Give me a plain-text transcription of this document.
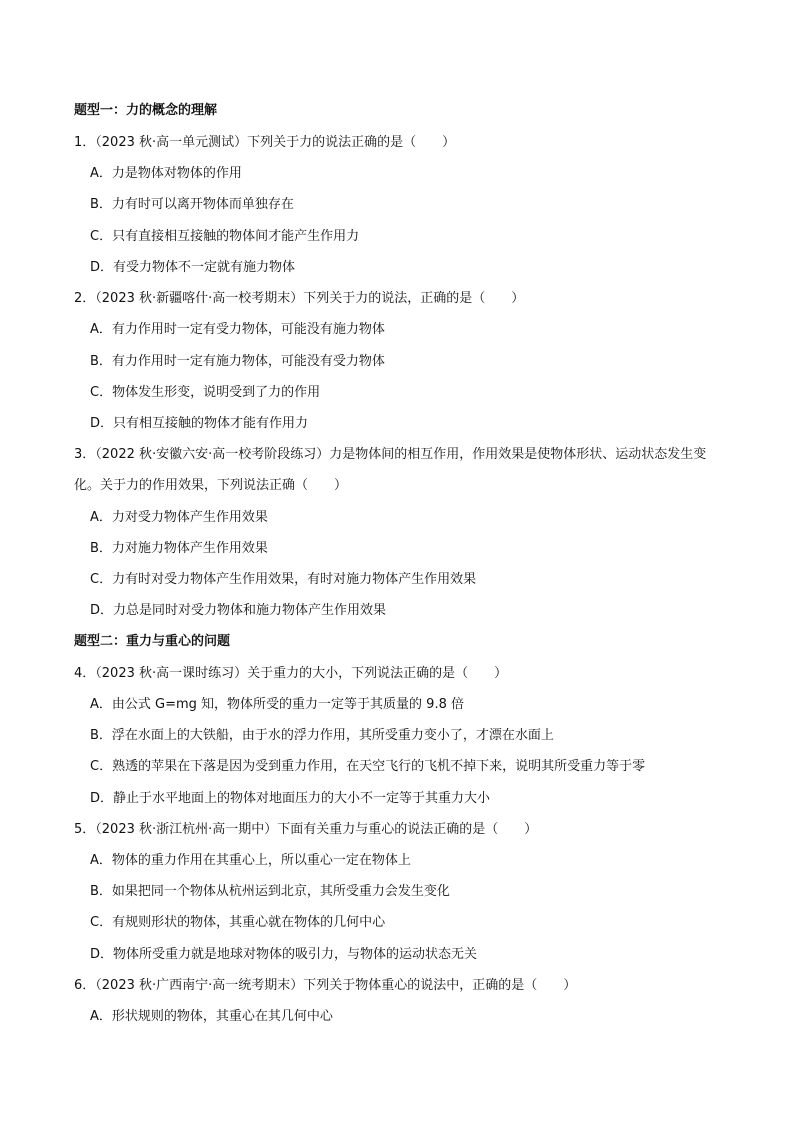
题型一：力的概念的理解
1．（2023 秋·高一单元测试）下列关于力的说法正确的是（　　）
A．力是物体对物体的作用
B．力有时可以离开物体而单独存在
C．只有直接相互接触的物体间才能产生作用力
D．有受力物体不一定就有施力物体
2．（2023 秋·新疆喀什·高一校考期末）下列关于力的说法，正确的是（　　）
A．有力作用时一定有受力物体，可能没有施力物体
B．有力作用时一定有施力物体，可能没有受力物体
C．物体发生形变，说明受到了力的作用
D．只有相互接触的物体才能有作用力
3．（2022 秋·安徽六安·高一校考阶段练习）力是物体间的相互作用，作用效果是使物体形状、运动状态发生变化。关于力的作用效果，下列说法正确（　　）
A．力对受力物体产生作用效果
B．力对施力物体产生作用效果
C．力有时对受力物体产生作用效果，有时对施力物体产生作用效果
D．力总是同时对受力物体和施力物体产生作用效果
题型二：重力与重心的问题
4．（2023 秋·高一课时练习）关于重力的大小，下列说法正确的是（　　）
A．由公式 G=mg 知，物体所受的重力一定等于其质量的 9.8 倍
B．浮在水面上的大铁船，由于水的浮力作用，其所受重力变小了，才漂在水面上
C．熟透的苹果在下落是因为受到重力作用，在天空飞行的飞机不掉下来，说明其所受重力等于零
D．静止于水平地面上的物体对地面压力的大小不一定等于其重力大小
5．（2023 秋·浙江杭州·高一期中）下面有关重力与重心的说法正确的是（　　）
A．物体的重力作用在其重心上，所以重心一定在物体上
B．如果把同一个物体从杭州运到北京，其所受重力会发生变化
C．有规则形状的物体，其重心就在物体的几何中心
D．物体所受重力就是地球对物体的吸引力，与物体的运动状态无关
6．（2023 秋·广西南宁·高一统考期末）下列关于物体重心的说法中，正确的是（　　）
A．形状规则的物体，其重心在其几何中心
